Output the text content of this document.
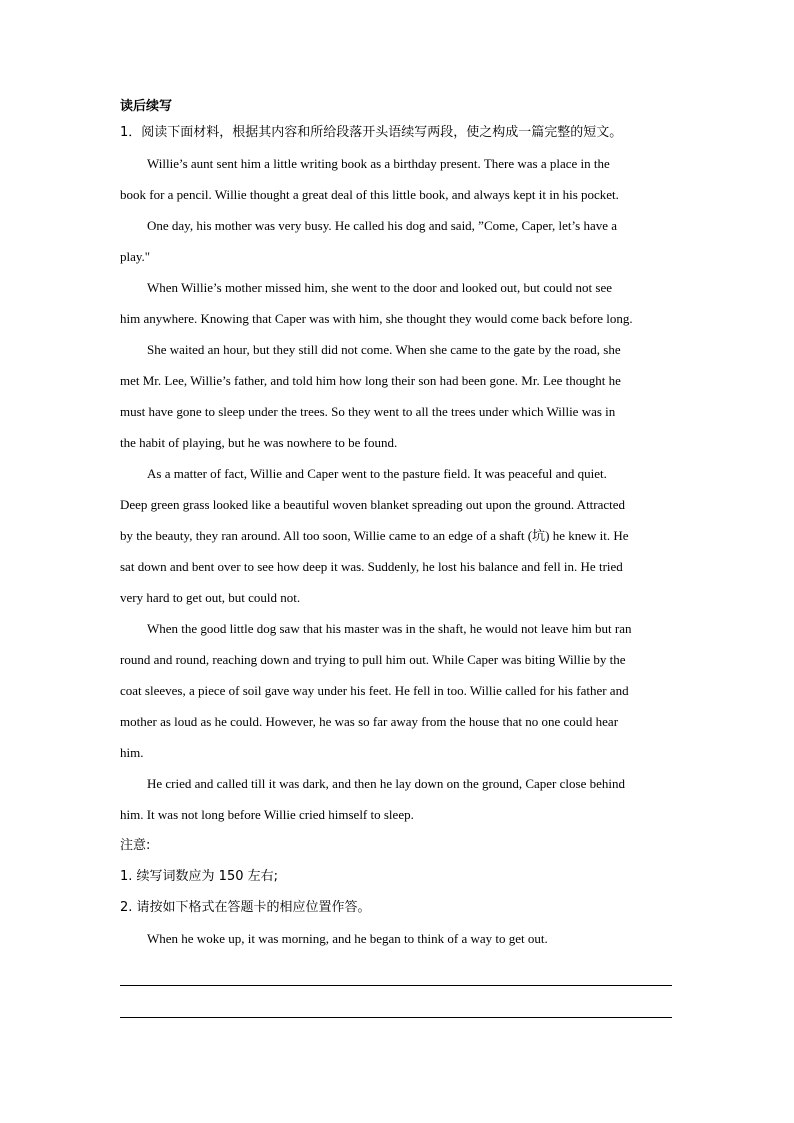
读后续写
1．阅读下面材料，根据其内容和所给段落开头语续写两段，使之构成一篇完整的短文。
Willie’s aunt sent him a little writing book as a birthday present. There was a place in the
book for a pencil. Willie thought a great deal of this little book, and always kept it in his pocket.
One day, his mother was very busy. He called his dog and said, ”Come, Caper, let’s have a
play."
When Willie’s mother missed him, she went to the door and looked out, but could not see
him anywhere. Knowing that Caper was with him, she thought they would come back before long.
She waited an hour, but they still did not come. When she came to the gate by the road, she
met Mr. Lee, Willie’s father, and told him how long their son had been gone. Mr. Lee thought he
must have gone to sleep under the trees. So they went to all the trees under which Willie was in
the habit of playing, but he was nowhere to be found.
As a matter of fact, Willie and Caper went to the pasture field. It was peaceful and quiet.
Deep green grass looked like a beautiful woven blanket spreading out upon the ground. Attracted
by the beauty, they ran around. All too soon, Willie came to an edge of a shaft (坑) he knew it. He
sat down and bent over to see how deep it was. Suddenly, he lost his balance and fell in. He tried
very hard to get out, but could not.
When the good little dog saw that his master was in the shaft, he would not leave him but ran
round and round, reaching down and trying to pull him out. While Caper was biting Willie by the
coat sleeves, a piece of soil gave way under his feet. He fell in too. Willie called for his father and
mother as loud as he could. However, he was so far away from the house that no one could hear
him.
He cried and called till it was dark, and then he lay down on the ground, Caper close behind
him. It was not long before Willie cried himself to sleep.
注意:
1. 续写词数应为 150 左右;
2. 请按如下格式在答题卡的相应位置作答。
When he woke up, it was morning, and he began to think of a way to get out.
